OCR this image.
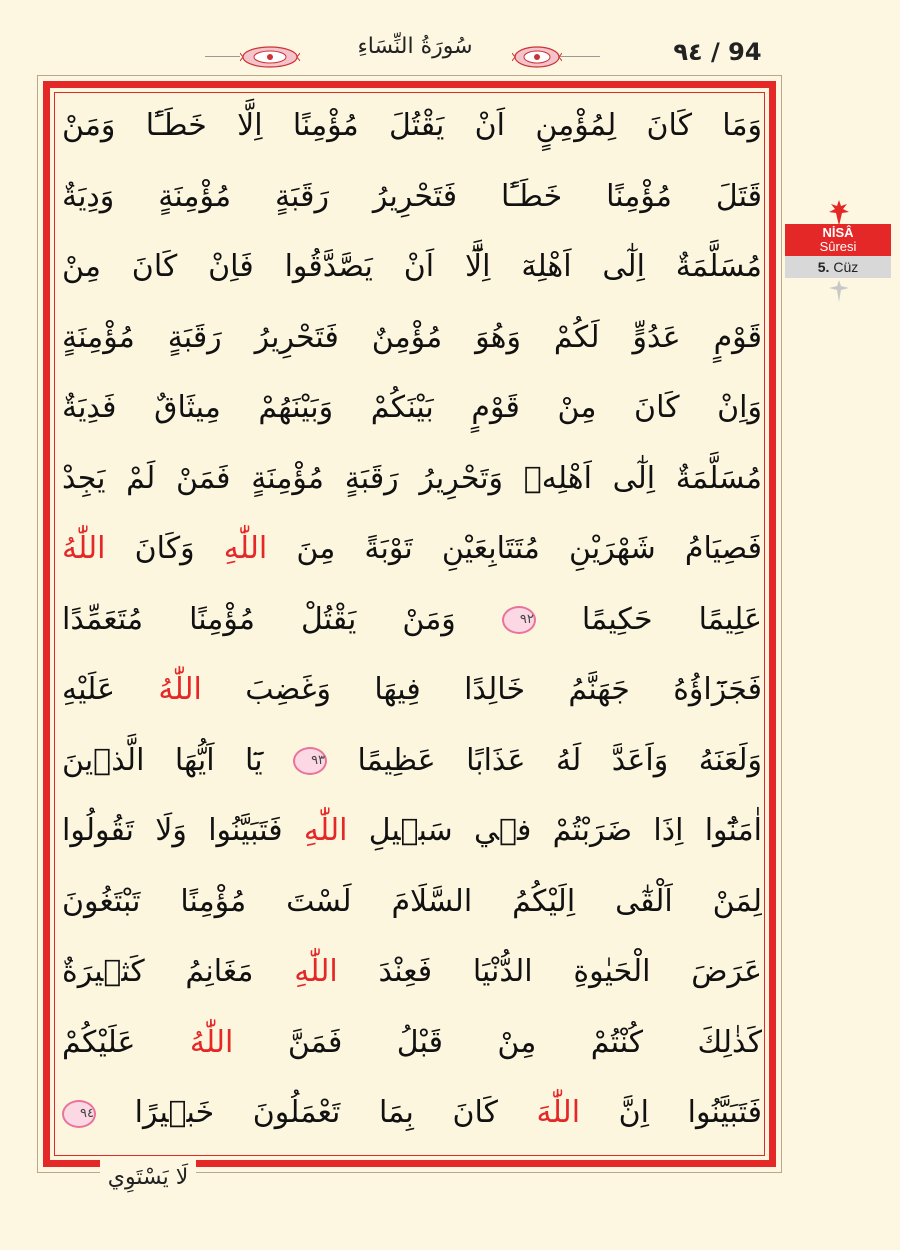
٩٤ / 94
سُورَةُ النِّسَاءِ
وَمَا كَانَ لِمُؤْمِنٍ اَنْ يَقْتُلَ مُؤْمِنًا اِلَّا خَطَـًٔا وَمَنْ
قَتَلَ مُؤْمِنًا خَطَـًٔا فَتَحْرِيرُ رَقَبَةٍ مُؤْمِنَةٍ وَدِيَةٌ
مُسَلَّمَةٌ اِلٰٓى اَهْلِهٓ اِلَّٓا اَنْ يَصَّدَّقُوا فَاِنْ كَانَ مِنْ
قَوْمٍ عَدُوٍّ لَكُمْ وَهُوَ مُؤْمِنٌ فَتَحْرِيرُ رَقَبَةٍ مُؤْمِنَةٍ
وَاِنْ كَانَ مِنْ قَوْمٍ بَيْنَكُمْ وَبَيْنَهُمْ مِيثَاقٌ فَدِيَةٌ
مُسَلَّمَةٌ اِلٰٓى اَهْلِه۪ وَتَحْرِيرُ رَقَبَةٍ مُؤْمِنَةٍ فَمَنْ لَمْ يَجِدْ
فَصِيَامُ شَهْرَيْنِ مُتَتَابِعَيْنِ تَوْبَةً مِنَ اللّٰهِ وَكَانَ اللّٰهُ
عَلِيمًا حَكِيمًا ٩٢ وَمَنْ يَقْتُلْ مُؤْمِنًا مُتَعَمِّدًا
فَجَزَٓاؤُهُ جَهَنَّمُ خَالِدًا فِيهَا وَغَضِبَ اللّٰهُ عَلَيْهِ
وَلَعَنَهُ وَاَعَدَّ لَهُ عَذَابًا عَظِيمًا ٩٣ يَٓا اَيُّهَا الَّذ۪ينَ
اٰمَنُٓوا اِذَا ضَرَبْتُمْ ف۪ي سَب۪يلِ اللّٰهِ فَتَبَيَّنُوا وَلَا تَقُولُوا
لِمَنْ اَلْقٰٓى اِلَيْكُمُ السَّلَامَ لَسْتَ مُؤْمِنًا تَبْتَغُونَ
عَرَضَ الْحَيٰوةِ الدُّنْيَا فَعِنْدَ اللّٰهِ مَغَانِمُ كَث۪يرَةٌ
كَذٰلِكَ كُنْتُمْ مِنْ قَبْلُ فَمَنَّ اللّٰهُ عَلَيْكُمْ
فَتَبَيَّنُوا اِنَّ اللّٰهَ كَانَ بِمَا تَعْمَلُونَ خَب۪يرًا ٩٤
لَا يَسْتَوِي
NİSÂ
Sûresi
5. Cüz
